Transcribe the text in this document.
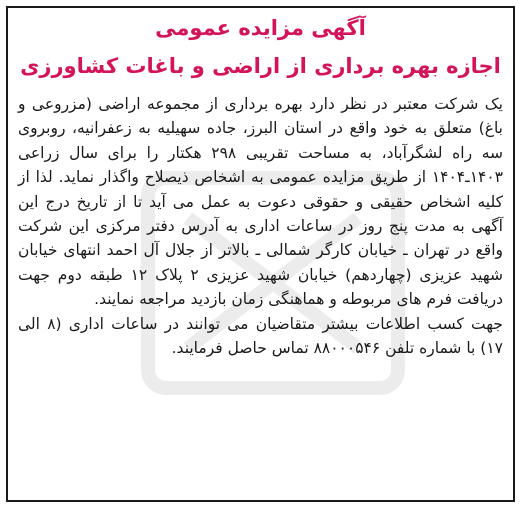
آگهی مزایده عمومی
اجازه بهره برداری از اراضی و باغات کشاورزی

یک شرکت معتبر در نظر دارد بهره برداری از مجموعه اراضی (مزروعی و باغ) متعلق به خود واقع در استان البرز، جاده سهیلیه به زعفرانیه، روبروی سه راه لشگرآباد، به مساحت تقریبی ۲۹۸ هکتار را برای سال زراعی ۱۴۰۳ـ۱۴۰۴ از طریق مزایده عمومی به اشخاص ذیصلاح واگذار نماید. لذا از کلیه اشخاص حقیقی و حقوقی دعوت به عمل می آید تا از تاریخ درج این آگهی به مدت پنج روز در ساعات اداری به آدرس دفتر مرکزی این شرکت واقع در تهران ـ خیابان کارگر شمالی ـ بالاتر از جلال آل احمد انتهای خیابان شهید عزیزی (چهاردهم) خیابان شهید عزیزی ۲ پلاک ۱۲ طبقه دوم جهت دریافت فرم های مربوطه و هماهنگی زمان بازدید مراجعه نمایند.

جهت کسب اطلاعات بیشتر متقاضیان می توانند در ساعات اداری (۸ الی ۱۷) با شماره تلفن ۸۸۰۰۰۵۴۶ تماس حاصل فرمایند.
